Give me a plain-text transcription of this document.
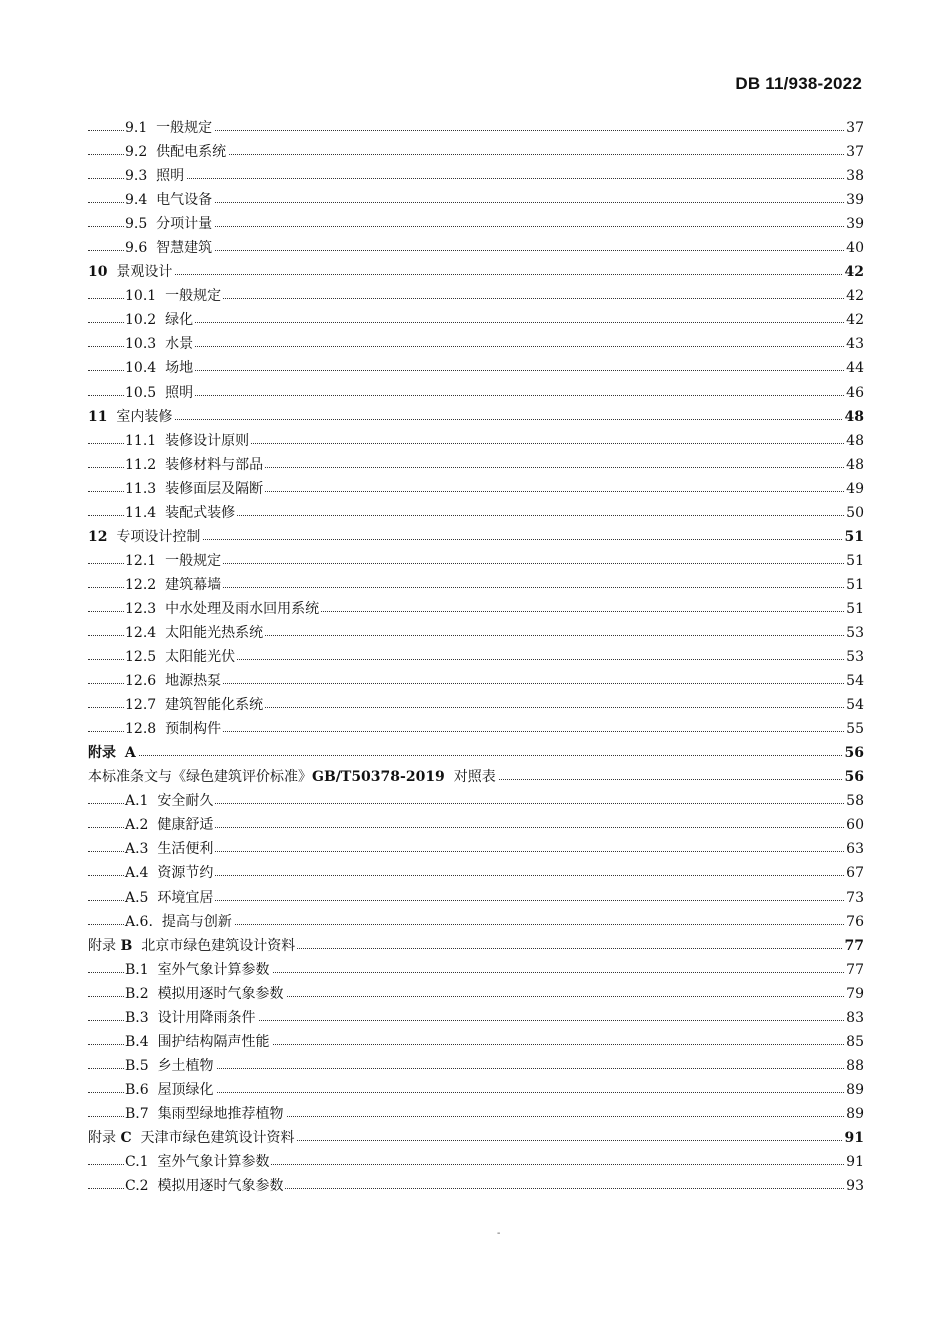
DB 11/938-2022
9.1 一般规定	37
9.2 供配电系统	37
9.3 照明	38
9.4 电气设备	39
9.5 分项计量	39
9.6 智慧建筑	40
10 景观设计	42
10.1 一般规定	42
10.2 绿化	42
10.3 水景	43
10.4 场地	44
10.5 照明	46
11 室内装修	48
11.1 装修设计原则	48
11.2 装修材料与部品	48
11.3 装修面层及隔断	49
11.4 装配式装修	50
12 专项设计控制	51
12.1 一般规定	51
12.2 建筑幕墙	51
12.3 中水处理及雨水回用系统	51
12.4 太阳能光热系统	53
12.5 太阳能光伏	53
12.6 地源热泵	54
12.7 建筑智能化系统	54
12.8 预制构件	55
附录 A	56
本标准条文与《绿色建筑评价标准》GB/T50378-2019 对照表	56
A.1 安全耐久	58
A.2 健康舒适	60
A.3 生活便利	63
A.4 资源节约	67
A.5 环境宜居	73
A.6. 提高与创新	76
附录 B 北京市绿色建筑设计资料	77
B.1 室外气象计算参数	77
B.2 模拟用逐时气象参数	79
B.3 设计用降雨条件	83
B.4 围护结构隔声性能	85
B.5 乡土植物	88
B.6 屋顶绿化	89
B.7 集雨型绿地推荐植物	89
附录 C 天津市绿色建筑设计资料	91
C.1 室外气象计算参数	91
C.2 模拟用逐时气象参数	93
-
